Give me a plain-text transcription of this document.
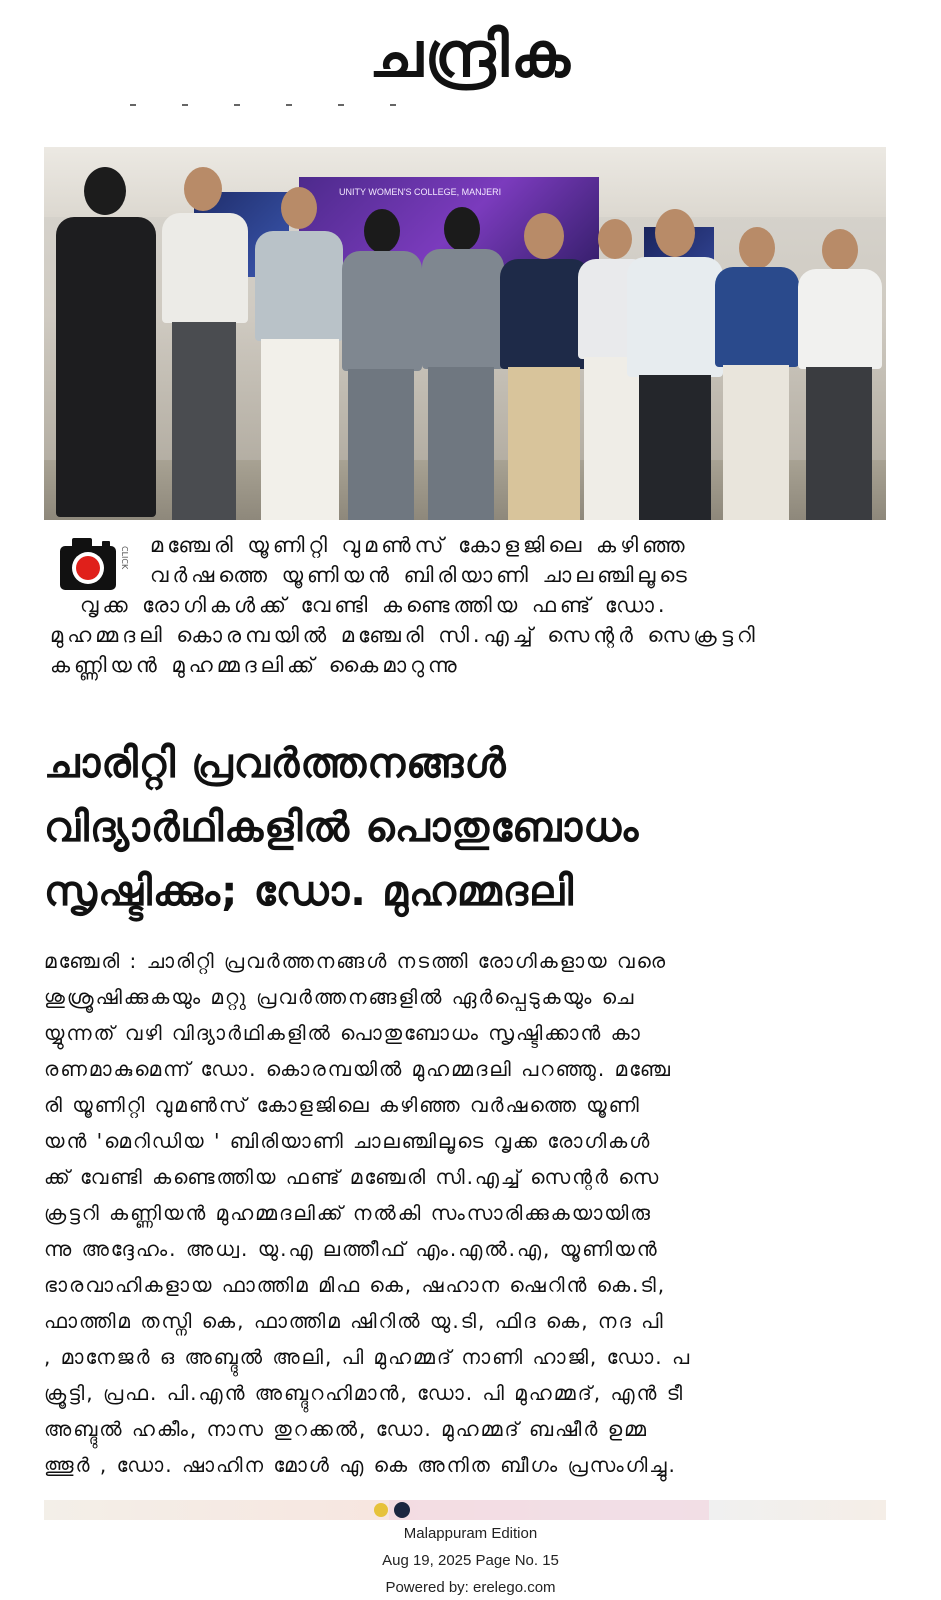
ചന്ദ്രിക
UNITY WOMEN'S COLLEGE, MANJERI
CLICK
മഞ്ചേരി യൂണിറ്റി വുമൺസ് കോളജിലെ കഴിഞ്ഞ
വർഷത്തെ യൂണിയൻ ബിരിയാണി ചാലഞ്ചിലൂടെ
വൃക്ക രോഗികൾക്ക് വേണ്ടി കണ്ടെത്തിയ ഫണ്ട് ഡോ.
മുഹമ്മദലി കൊരമ്പയിൽ മഞ്ചേരി സി.എച്ച് സെന്റർ സെക്രട്ടറി
കണ്ണിയൻ മുഹമ്മദലിക്ക് കൈമാറുന്നു
ചാരിറ്റി പ്രവർത്തനങ്ങൾ
വിദ്യാർഥികളിൽ പൊതുബോധം
സൃഷ്ടിക്കും; ഡോ. മുഹമ്മദലി
മഞ്ചേരി : ചാരിറ്റി പ്രവർത്തനങ്ങൾ നടത്തി രോഗികളായ വരെ
ശുശ്രൂഷിക്കുകയും മറ്റു പ്രവർത്തനങ്ങളിൽ ഏർപ്പെടുകയും ചെ
യ്യുന്നത് വഴി വിദ്യാർഥികളിൽ പൊതുബോധം സൃഷ്ടിക്കാൻ കാ
രണമാകുമെന്ന് ഡോ. കൊരമ്പയിൽ മുഹമ്മദലി പറഞ്ഞു. മഞ്ചേ
രി യൂണിറ്റി വുമൺസ് കോളജിലെ കഴിഞ്ഞ വർഷത്തെ യൂണി
യൻ 'മെറിഡിയ ' ബിരിയാണി ചാലഞ്ചിലൂടെ വൃക്ക രോഗികൾ
ക്ക് വേണ്ടി കണ്ടെത്തിയ ഫണ്ട് മഞ്ചേരി സി.എച്ച് സെന്റർ സെ
ക്രട്ടറി കണ്ണിയൻ മുഹമ്മദലിക്ക് നൽകി സംസാരിക്കുകയായിരു
ന്നു അദ്ദേഹം. അധ്വ. യു.എ ലത്തീഫ് എം.എൽ.എ, യൂണിയൻ
ഭാരവാഹികളായ ഫാത്തിമ മിഫ കെ, ഷഹാന ഷെറിൻ കെ.ടി,
ഫാത്തിമ തസ്നി കെ, ഫാത്തിമ ഷിറിൽ യു.ടി, ഫിദ കെ, നദ പി
, മാനേജർ ഒ അബ്ദുൽ അലി, പി മുഹമ്മദ് നാണി ഹാജി, ഡോ. പ
ക്രൂട്ടി, പ്രഫ. പി.എൻ അബ്ദുറഹിമാൻ, ഡോ. പി മുഹമ്മദ്, എൻ ടീ
അബ്ദുൽ ഹകീം, നാസ തുറക്കൽ, ഡോ. മുഹമ്മദ് ബഷീർ ഉമ്മ
ത്തൂർ , ഡോ. ഷാഹിന മോൾ എ കെ അനിത ബീഗം പ്രസംഗിച്ചു.
Malappuram Edition
Aug 19, 2025 Page No. 15
Powered by: erelego.com
